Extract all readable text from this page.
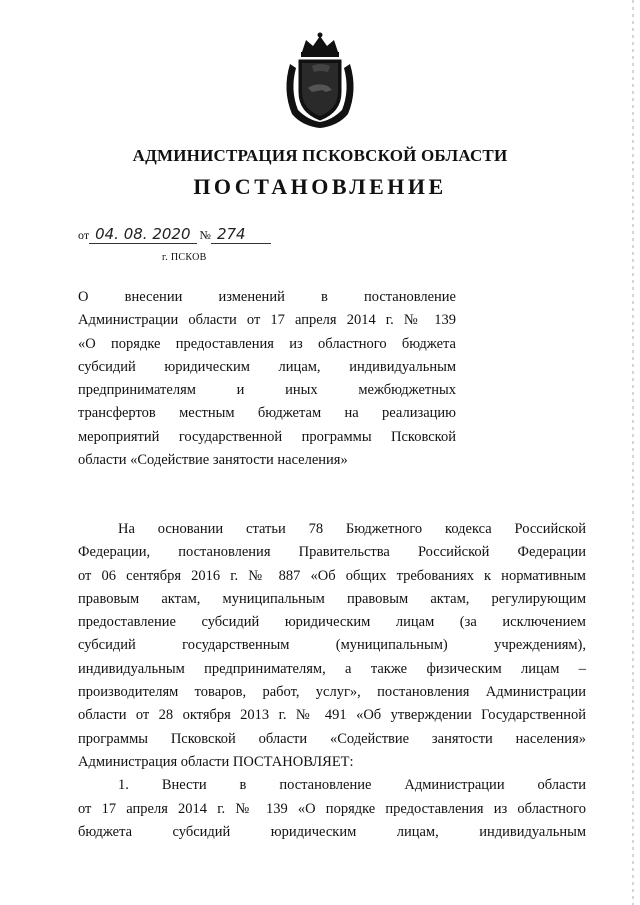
АДМИНИСТРАЦИЯ ПСКОВСКОЙ ОБЛАСТИ
ПОСТАНОВЛЕНИЕ
от 04. 08. 2020 № 274
г. ПСКОВ
О внесении изменений в постановление
Администрации области от 17 апреля 2014 г. № 139
«О порядке предоставления из областного бюджета
субсидий юридическим лицам, индивидуальным
предпринимателям и иных межбюджетных
трансфертов местным бюджетам на реализацию
мероприятий государственной программы Псковской
области «Содействие занятости населения»
На основании статьи 78 Бюджетного кодекса Российской
Федерации, постановления Правительства Российской Федерации
от 06 сентября 2016 г. № 887 «Об общих требованиях к нормативным
правовым актам, муниципальным правовым актам, регулирующим
предоставление субсидий юридическим лицам (за исключением
субсидий государственным (муниципальным) учреждениям),
индивидуальным предпринимателям, а также физическим лицам –
производителям товаров, работ, услуг», постановления Администрации
области от 28 октября 2013 г. № 491 «Об утверждении Государственной
программы Псковской области «Содействие занятости населения»
Администрация области ПОСТАНОВЛЯЕТ:
1. Внести в постановление Администрации области
от 17 апреля 2014 г. № 139 «О порядке предоставления из областного
бюджета субсидий юридическим лицам, индивидуальным
